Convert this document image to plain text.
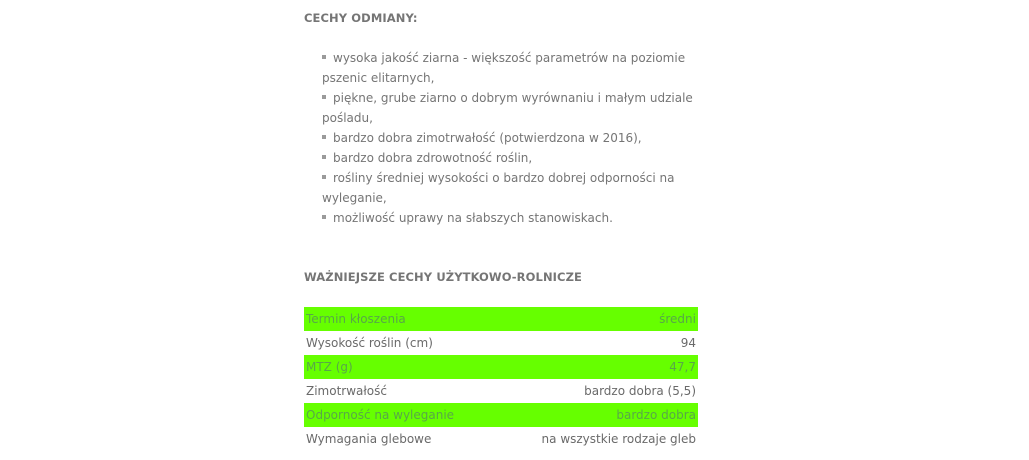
CECHY ODMIANY:
wysoka jakość ziarna - większość parametrów na poziomie pszenic elitarnych,
piękne, grube ziarno o dobrym wyrównaniu i małym udziale pośladu,
bardzo dobra zimotrwałość (potwierdzona w 2016),
bardzo dobra zdrowotność roślin,
rośliny średniej wysokości o bardzo dobrej odporności na wyleganie,
możliwość uprawy na słabszych stanowiskach.
WAŻNIEJSZE CECHY UŻYTKOWO-ROLNICZE
Termin kłoszenia	średni
Wysokość roślin (cm)	94
MTZ (g)	47,7
Zimotrwałość	bardzo dobra (5,5)
Odporność na wyleganie	bardzo dobra
Wymagania glebowe	na wszystkie rodzaje gleb
